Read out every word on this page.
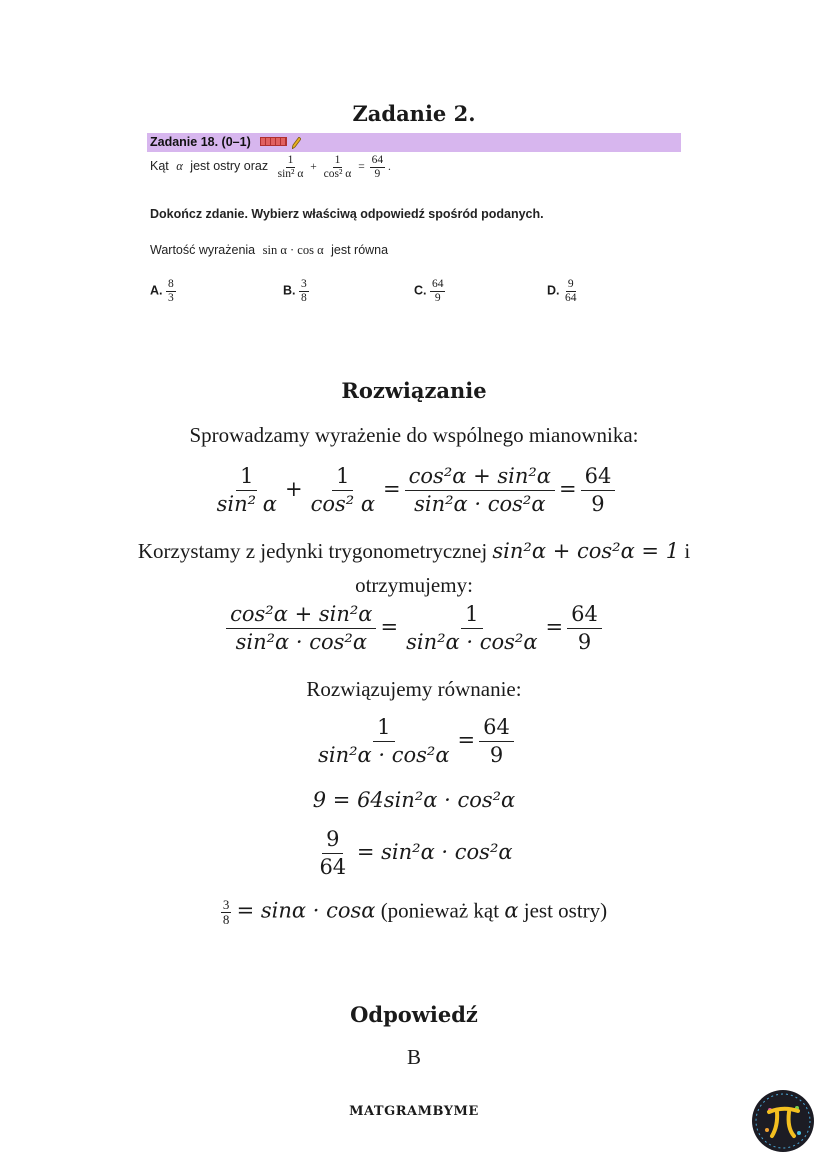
Zadanie 2.
Zadanie 18. (0–1)
Kąt α jest ostry oraz $\frac{1}{\text{sin² α}} + \frac{1}{\text{cos² α}} = \frac{64}{9}$ .
Dokończ zdanie. Wybierz właściwą odpowiedź spośród podanych.
Wartość wyrażenia sin α · cos α jest równa
A. $\frac{8}{3}$	B. $\frac{3}{8}$	C. $\frac{64}{9}$	D. $\frac{9}{64}$
Rozwiązanie
Sprowadzamy wyrażenie do wspólnego mianownika:
$\frac{1}{\text{sin² α}} + \frac{1}{\text{cos² α}} = \frac{\text{cos²α + sin²α}}{\text{sin²α · cos²α}} = \frac{64}{9}$
Korzystamy z jedynki trygonometrycznej sin²α + cos²α = 1 i
otrzymujemy:
$\frac{\text{cos²α + sin²α}}{\text{sin²α · cos²α}} = \frac{1}{\text{sin²α · cos²α}} = \frac{64}{9}$
Rozwiązujemy równanie:
$\frac{1}{\text{sin²α · cos²α}} = \frac{64}{9}$
9 = 64sin²α · cos²α
$\frac{9}{64} = \sin^2\alpha \cdot \cos^2\alpha$
$\frac{3}{8} = \sin\alpha \cdot \cos\alpha$ (ponieważ kąt α jest ostry)
Odpowiedź
B
MATGRAMBYME
